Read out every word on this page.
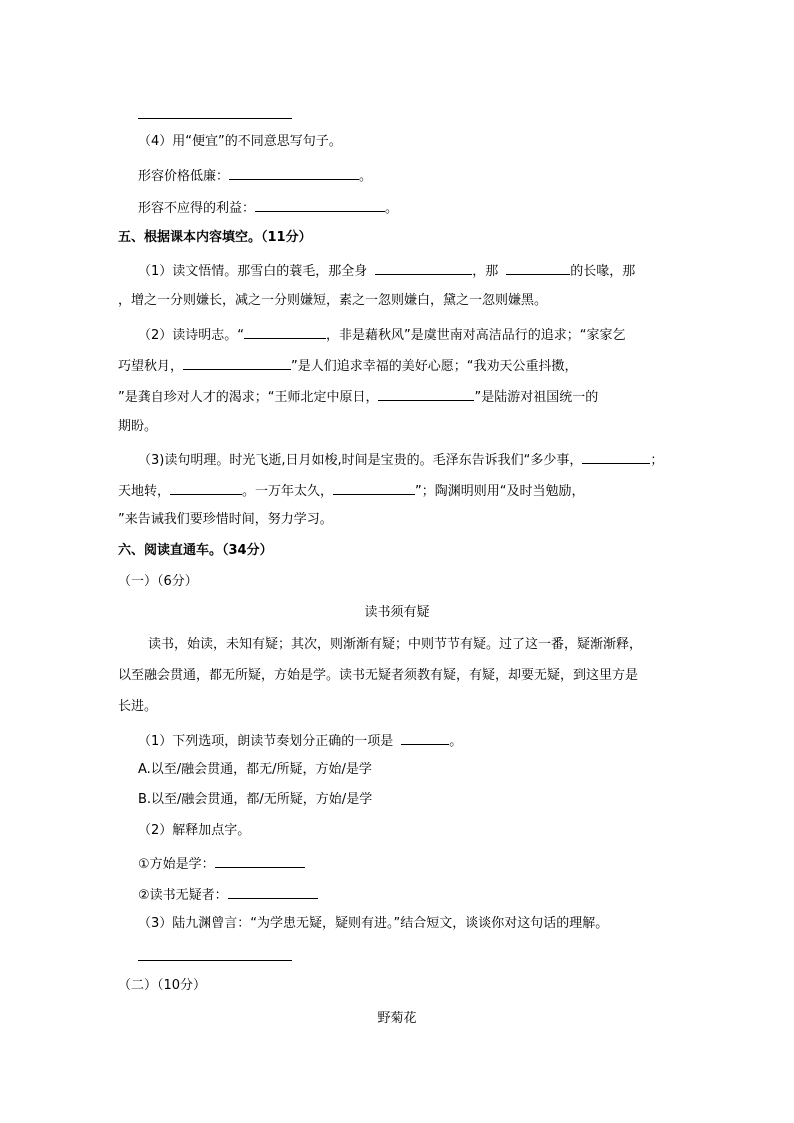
（4）用“便宜”的不同意思写句子。
形容价格低廉：	。
形容不应得的利益：	。
五、根据课本内容填空。（11分）
（1）读文悟情。那雪白的蓑毛，那全身	，那	的长喙，那
，增之一分则嫌长，减之一分则嫌短，素之一忽则嫌白，黛之一忽则嫌黑。
（2）读诗明志。“	，非是藉秋风”是虞世南对高洁品行的追求；“家家乞
巧望秋月，	”是人们追求幸福的美好心愿；“我劝天公重抖擞，
”是龚自珍对人才的渴求；“王师北定中原日，	”是陆游对祖国统一的
期盼。
（3)读句明理。时光飞逝,日月如梭,时间是宝贵的。毛泽东告诉我们“多少事，	；
天地转，	。一万年太久，	”；陶渊明则用“及时当勉励，
”来告诫我们要珍惜时间，努力学习。
六、阅读直通车。（34分）
（一）（6分）
读书须有疑
读书，始读，未知有疑；其次，则渐渐有疑；中则节节有疑。过了这一番，疑渐渐释，
以至融会贯通，都无所疑，方始是学。读书无疑者须教有疑，有疑，却要无疑，到这里方是
长进。
（1）下列选项，朗读节奏划分正确的一项是	。
A.以至/融会贯通，都无/所疑，方始/是学
B.以至/融会贯通，都/无所疑，方始/是学
（2）解释加点字。
①方始是学：
②读书无疑者：
（3）陆九渊曾言：“为学患无疑，疑则有进。”结合短文，谈谈你对这句话的理解。
（二）（10分）
野菊花
